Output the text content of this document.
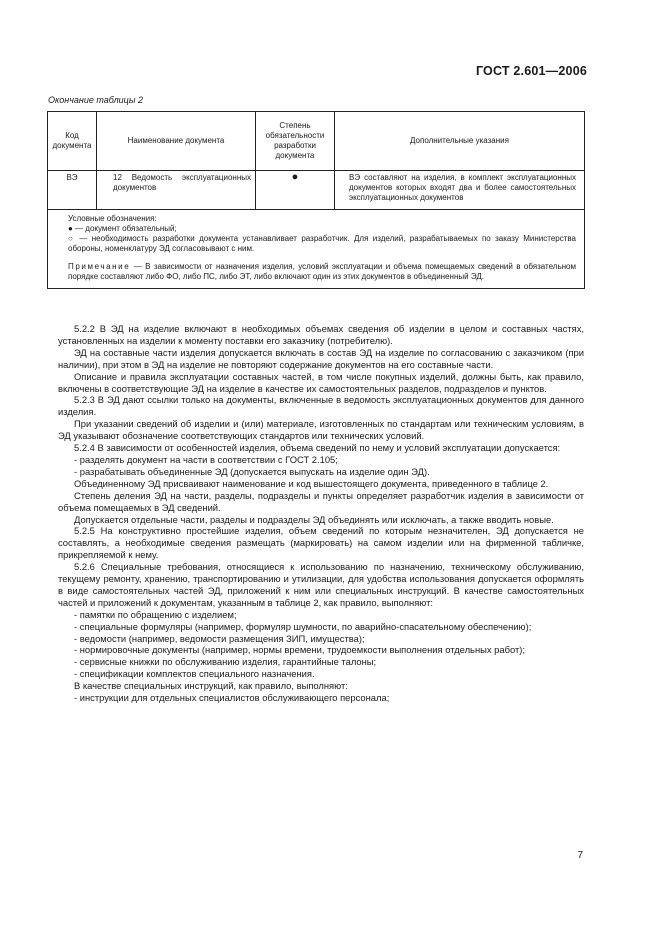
ГОСТ 2.601—2006
Окончание таблицы 2
Код документа	Наименование документа	Степень обязательности разработки документа	Дополнительные указания
ВЭ	12 Ведомость эксплуатационных документов	●	ВЭ составляют на изделия, в комплект эксплуатационных документов которых входят два и более самостоятельных эксплуатационных документов

Условные обозначения:

● — документ обязательный;

○ — необходимость разработки документа устанавливает разработчик. Для изделий, разрабатываемых по заказу Министерства обороны, номенклатуру ЭД согласовывают с ним.

Примечание — В зависимости от назначения изделия, условий эксплуатации и объема помещаемых сведений в обязательном порядке составляют либо ФО, либо ПС, либо ЭТ, либо включают один из этих документов в объединенный ЭД.			

5.2.2 В ЭД на изделие включают в необходимых объемах сведения об изделии в целом и составных частях, установленных на изделии к моменту поставки его заказчику (потребителю).

ЭД на составные части изделия допускается включать в состав ЭД на изделие по согласованию с заказчиком (при наличии), при этом в ЭД на изделие не повторяют содержание документов на его составные части.

Описание и правила эксплуатации составных частей, в том числе покупных изделий, должны быть, как правило, включены в соответствующие ЭД на изделие в качестве их самостоятельных разделов, подразделов и пунктов.

5.2.3 В ЭД дают ссылки только на документы, включенные в ведомость эксплуатационных документов для данного изделия.

При указании сведений об изделии и (или) материале, изготовленных по стандартам или техническим условиям, в ЭД указывают обозначение соответствующих стандартов или технических условий.

5.2.4 В зависимости от особенностей изделия, объема сведений по нему и условий эксплуатации допускается:

- разделять документ на части в соответствии с ГОСТ 2.105;

- разрабатывать объединенные ЭД (допускается выпускать на изделие один ЭД).

Объединенному ЭД присваивают наименование и код вышестоящего документа, приведенного в таблице 2.

Степень деления ЭД на части, разделы, подразделы и пункты определяет разработчик изделия в зависимости от объема помещаемых в ЭД сведений.

Допускается отдельные части, разделы и подразделы ЭД объединять или исключать, а также вводить новые.

5.2.5 На конструктивно простейшие изделия, объем сведений по которым незначителен, ЭД допускается не составлять, а необходимые сведения размещать (маркировать) на самом изделии или на фирменной табличке, прикрепляемой к нему.

5.2.6 Специальные требования, относящиеся к использованию по назначению, техническому обслуживанию, текущему ремонту, хранению, транспортированию и утилизации, для удобства использования допускается оформлять в виде самостоятельных частей ЭД, приложений к ним или специальных инструкций. В качестве самостоятельных частей и приложений к документам, указанным в таблице 2, как правило, выполняют:

- памятки по обращению с изделием;

- специальные формуляры (например, формуляр шумности, по аварийно-спасательному обеспечению);

- ведомости (например, ведомости размещения ЗИП, имущества);

- нормировочные документы (например, нормы времени, трудоемкости выполнения отдельных работ);

- сервисные книжки по обслуживанию изделия, гарантийные талоны;

- спецификации комплектов специального назначения.

В качестве специальных инструкций, как правило, выполняют:

- инструкции для отдельных специалистов обслуживающего персонала;

7
